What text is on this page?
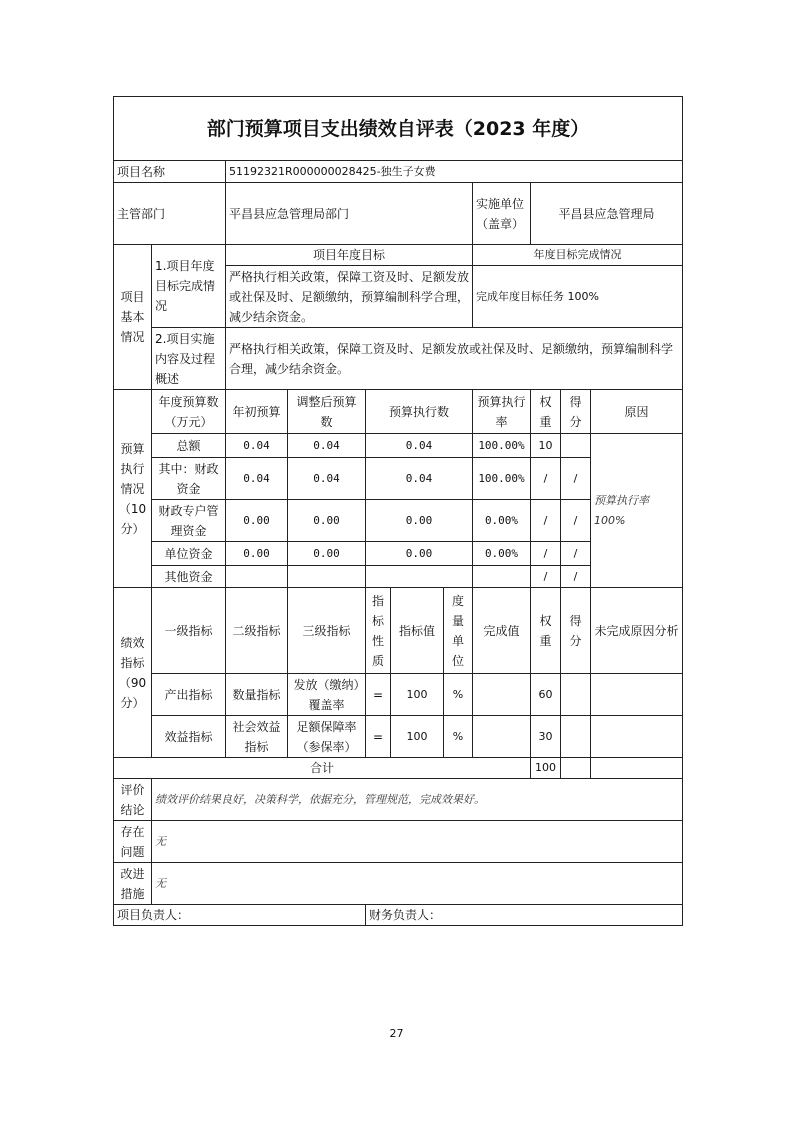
部门预算项目支出绩效自评表（2023 年度）										
项目名称		51192321R000000028425-独生子女费								
主管部门		平昌县应急管理局部门					实施单位（盖章）	平昌县应急管理局		
项目基本情况	1.项目年度目标完成情况	项目年度目标					年度目标完成情况			
		严格执行相关政策，保障工资及时、足额发放或社保及时、足额缴纳，预算编制科学合理，减少结余资金。					完成年度目标任务 100%			
	2.项目实施内容及过程概述	严格执行相关政策，保障工资及时、足额发放或社保及时、足额缴纳，预算编制科学合理，减少结余资金。								
预算执行情况（10分）	年度预算数（万元）	年初预算	调整后预算数	预算执行数			预算执行率	权重	得分	原因
	总额	0.04	0.04	0.04			100.00%	10		预算执行率100%
	其中：财政资金	0.04	0.04	0.04			100.00%	/	/	
	财政专户管理资金	0.00	0.00	0.00			0.00%	/	/	
	单位资金	0.00	0.00	0.00			0.00%	/	/	
	其他资金							/	/	
绩效指标（90分）	一级指标	二级指标	三级指标	指标性质	指标值	度量单位	完成值	权重	得分	未完成原因分析
	产出指标	数量指标	发放（缴纳）覆盖率	=	100	%		60		
	效益指标	社会效益指标	足额保障率（参保率）	=	100	%		30		
合计								100		
评价结论	绩效评价结果良好，决策科学，依据充分，管理规范，完成效果好。									
存在问题	无									
改进措施	无									
项目负责人：				财务负责人：						
27
